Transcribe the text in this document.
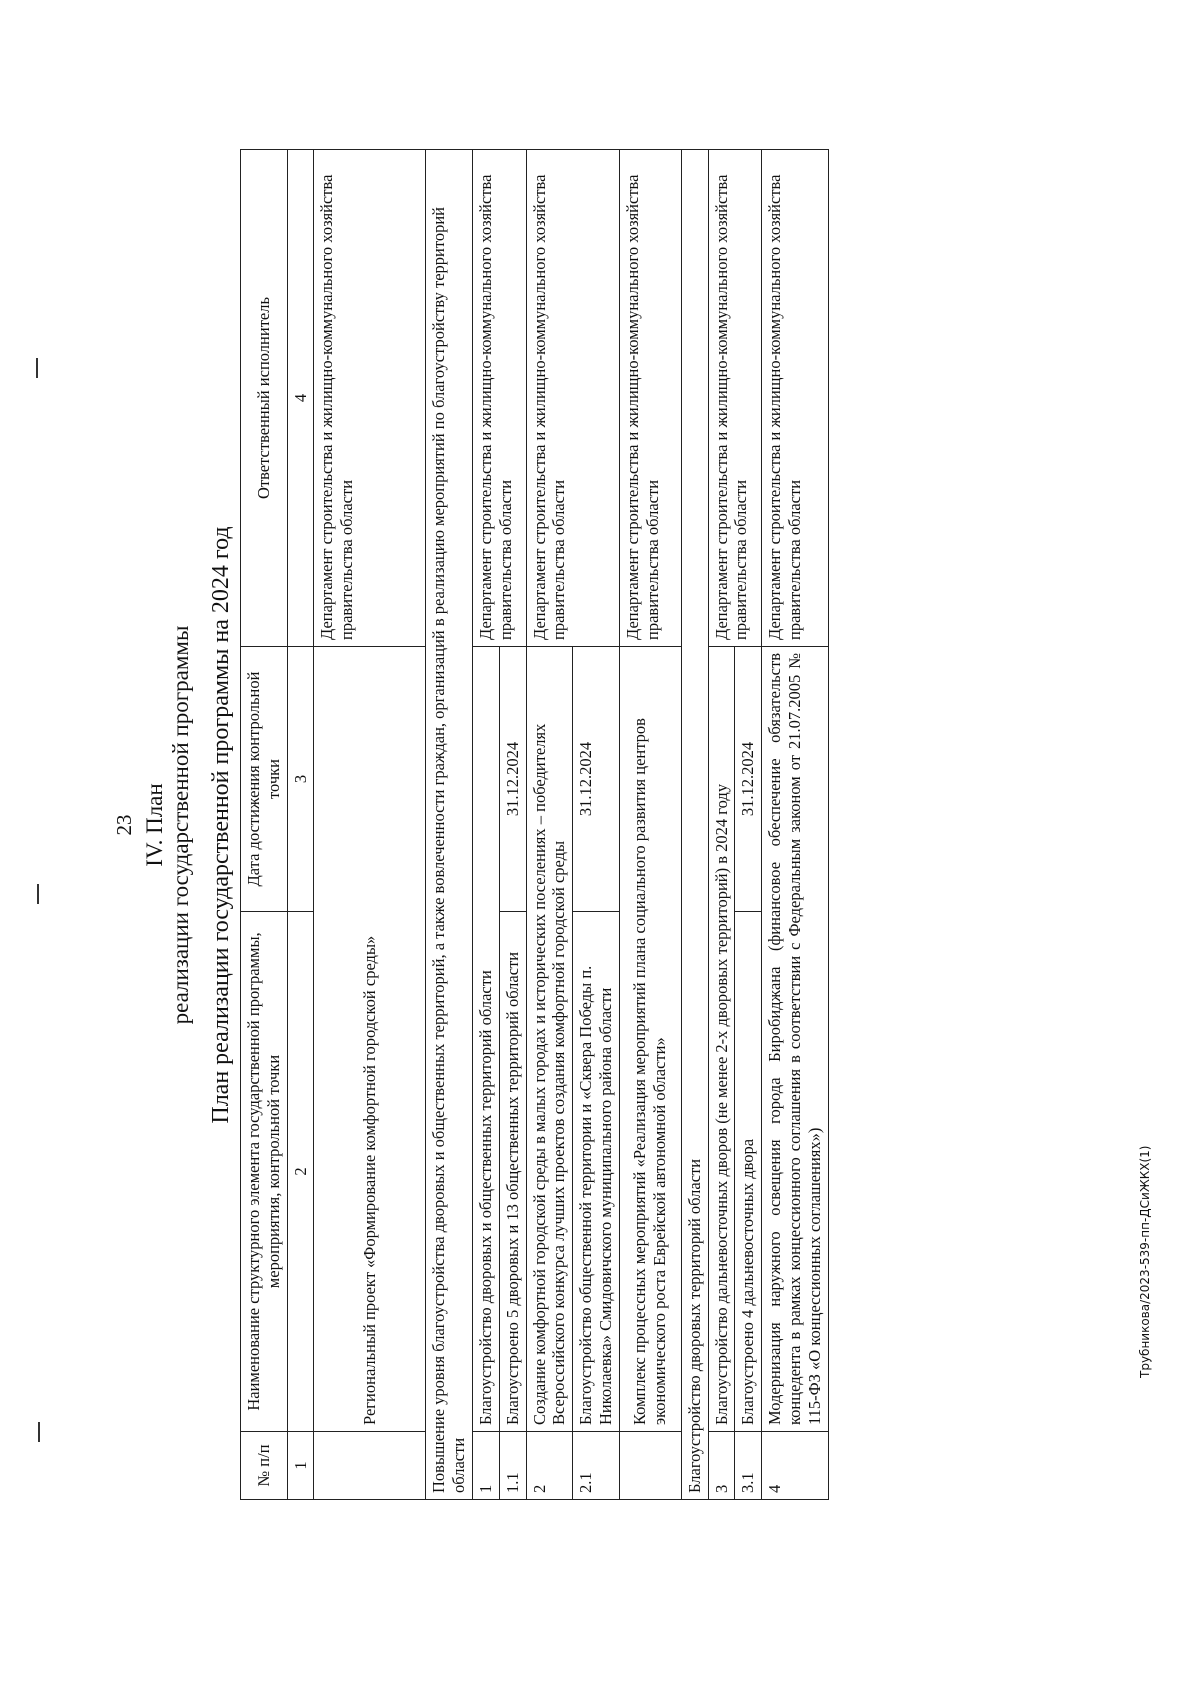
23 IV. План реализации государственной программы План реализации государственной программы на 2024 год
№ п/п	Наименование структурного элемента государственной программы, мероприятия, контрольной точки	Дата достижения контрольной точки	Ответственный исполнитель
1	2	3	4
	Региональный проект «Формирование комфортной городской среды»		Департамент строительства и жилищно-коммунального хозяйства правительства области
Повышение уровня благоустройства дворовых и общественных территорий, а также вовлеченности граждан, организаций в реализацию мероприятий по благоустройству территорий области			
1	Благоустройство дворовых и общественных территорий области		Департамент строительства и жилищно-коммунального хозяйства правительства области
1.1	Благоустроено 5 дворовых и 13 общественных территорий области	31.12.2024	
2	Создание комфортной городской среды в малых городах и исторических поселениях – победителях Всероссийского конкурса лучших проектов создания комфортной городской среды		Департамент строительства и жилищно-коммунального хозяйства правительства области
2.1	Благоустройство общественной территории и «Сквера Победы п. Николаевка» Смидовичского муниципального района области	31.12.2024	
	Комплекс процессных мероприятий «Реализация мероприятий плана социального развития центров экономического роста Еврейской автономной области»		Департамент строительства и жилищно-коммунального хозяйства правительства области
Благоустройство дворовых территорий области			
3	Благоустройство дальневосточных дворов (не менее 2-х дворовых территорий) в 2024 году		Департамент строительства и жилищно-коммунального хозяйства правительства области
3.1	Благоустроено 4 дальневосточных двора	31.12.2024	
4	Модернизация наружного освещения города Биробиджана (финансовое обеспечение обязательств концедента в рамках концессионного соглашения в соответствии с Федеральным законом от 21.07.2005 № 115-ФЗ «О концессионных соглашениях»)		Департамент строительства и жилищно-коммунального хозяйства правительства области
Трубникова/2023-539-пп-ДСиЖКХ(1)
